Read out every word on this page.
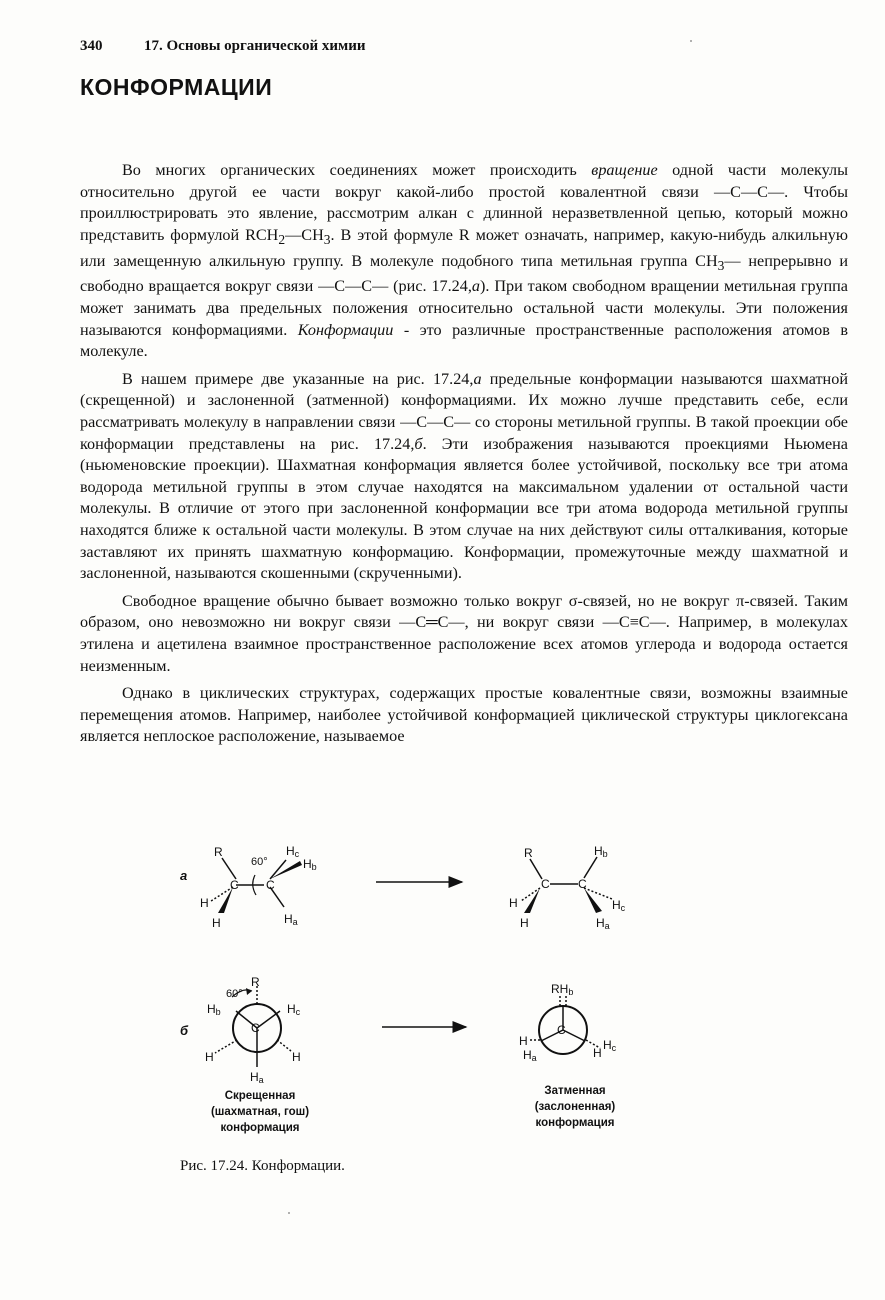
340	17. Основы органической химии
КОНФОРМАЦИИ

Во многих органических соединениях может происходить вращение одной части молекулы относительно другой ее части вокруг какой-либо простой ковалентной связи —C—C—. Чтобы проиллюстрировать это явление, рассмотрим алкан с длинной неразветвленной цепью, который можно представить формулой $RCH_2—CH_3$. В этой формуле R может означать, например, какую-нибудь алкильную или замещенную алкильную группу. В молекуле подобного типа метильная группа $CH_3—$ непрерывно и свободно вращается вокруг связи —C—C— (рис. 17.24,а). При таком свободном вращении метильная группа может занимать два предельных положения относительно остальной части молекулы. Эти положения называются конформациями. Конформации - это различные пространственные расположения атомов в молекуле.

В нашем примере две указанные на рис. 17.24,а предельные конформации называются шахматной (скрещенной) и заслоненной (затменной) конформациями. Их можно лучше представить себе, если рассматривать молекулу в направлении связи —C—C— со стороны метильной группы. В такой проекции обе конформации представлены на рис. 17.24,б. Эти изображения называются проекциями Ньюмена (ньюменовские проекции). Шахматная конформация является более устойчивой, поскольку все три атома водорода метильной группы в этом случае находятся на максимальном удалении от остальной части молекулы. В отличие от этого при заслоненной конформации все три атома водорода метильной группы находятся ближе к остальной части молекулы. В этом случае на них действуют силы отталкивания, которые заставляют их принять шахматную конформацию. Конформации, промежуточные между шахматной и заслоненной, называются скошенными (скрученными).

Свободное вращение обычно бывает возможно только вокруг σ-связей, но не вокруг π-связей. Таким образом, оно невозможно ни вокруг связи —C═C—, ни вокруг связи —C≡C—. Например, в молекулах этилена и ацетилена взаимное пространственное расположение всех атомов углерода и водорода остается неизменным.

Однако в циклических структурах, содержащих простые ковалентные связи, возможны взаимные перемещения атомов. Например, наиболее устойчивой конформацией циклической структуры циклогексана является неплоское расположение, называемое

а
б
R
C C
H
H
60°
Hc
Hb
Ha
R	Hb
C C
H
H
Hc
Ha
C
R
60°
Hb	Hc
H	H
Ha
C
RHb
H
Ha	H
Hc
Скрещенная
(шахматная, гош)
конформация
Затменная
(заслоненная)
конформация
Рис. 17.24. Конформации.
